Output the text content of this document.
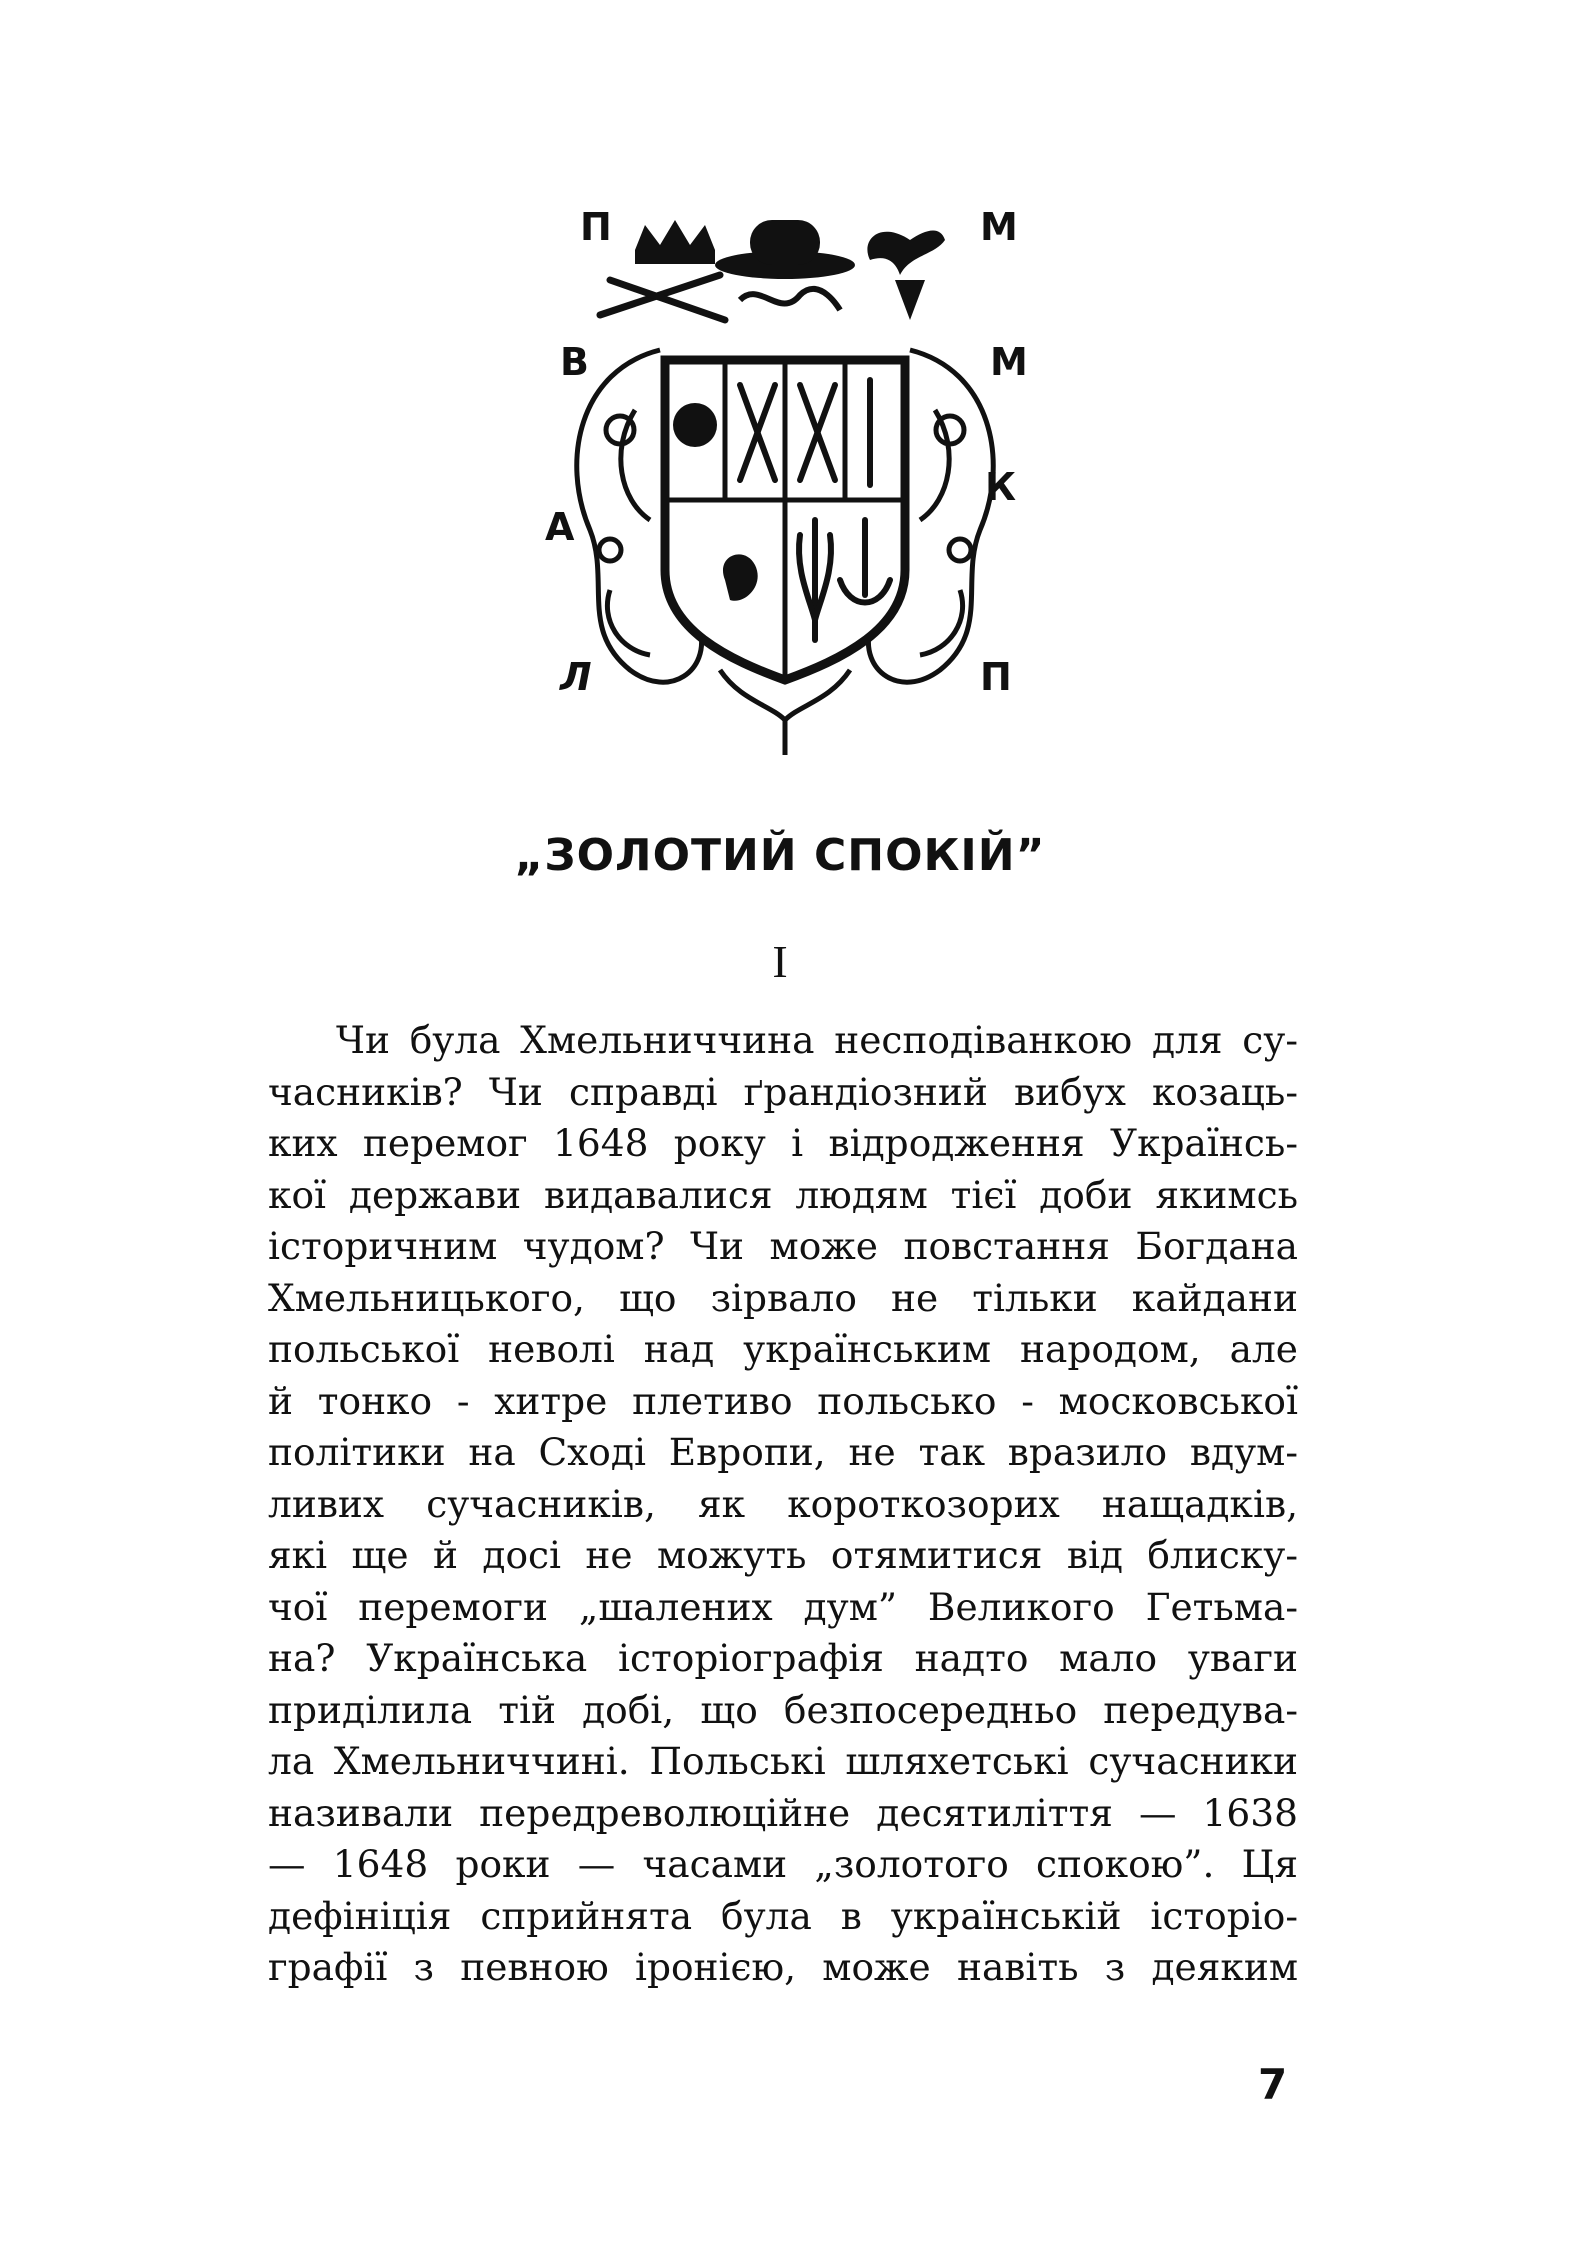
П	М
В	М
А
К
Л	П
„ЗОЛОТИЙ СПОКІЙ”
І
Чи була Хмельниччина несподіванкою для су-
часників? Чи справді ґрандіозний вибух козаць-
ких перемог 1648 року і відродження Українсь-
кої держави видавалися людям тієї доби якимсь
історичним чудом? Чи може повстання Богдана
Хмельницького, що зірвало не тільки кайдани
польської неволі над українським народом, але
й тонко - хитре плетиво польсько - московської
політики на Сході Европи, не так вразило вдум-
ливих сучасників, як короткозорих нащадків,
які ще й досі не можуть отямитися від блиску-
чої перемоги „шалених дум” Великого Гетьма-
на? Українська історіографія надто мало уваги
приділила тій добі, що безпосередньо передува-
ла Хмельниччині. Польські шляхетські сучасники
називали передреволюційне десятиліття — 1638
— 1648 роки — часами „золотого спокою”. Ця
дефініція сприйнята була в українській історіо-
графії з певною іронією, може навіть з деяким
7
